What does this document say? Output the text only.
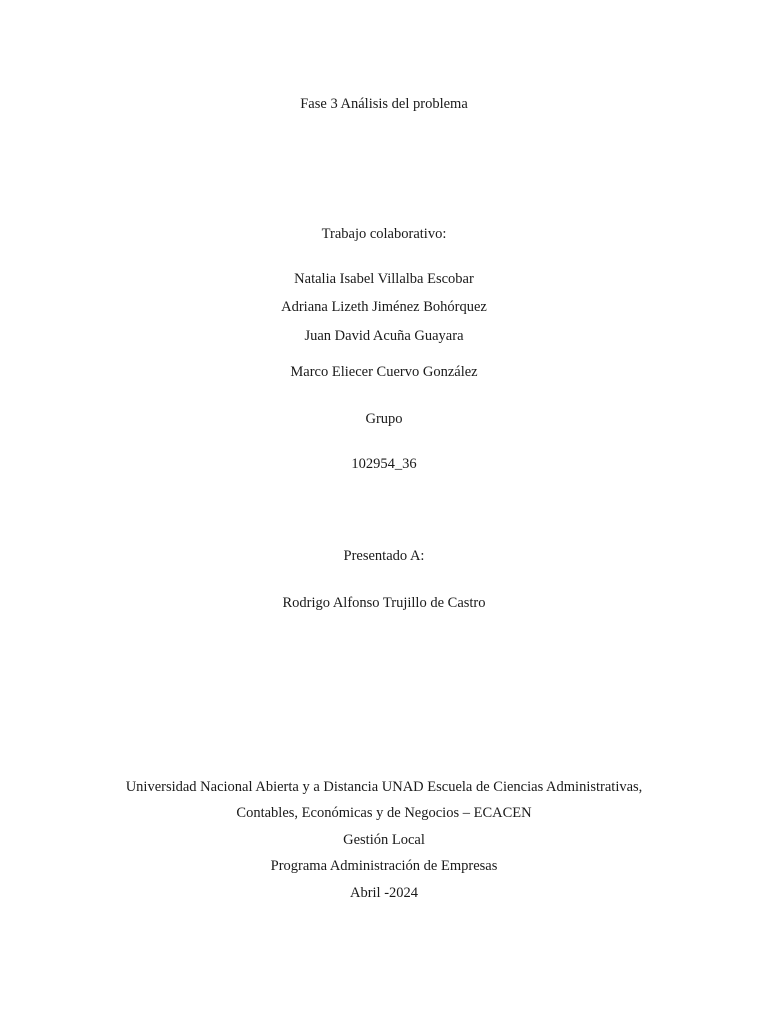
Fase 3 Análisis del problema
Trabajo colaborativo:
Natalia Isabel Villalba Escobar
Adriana Lizeth Jiménez Bohórquez
Juan David Acuña Guayara
Marco Eliecer Cuervo González
Grupo
102954_36
Presentado A:
Rodrigo Alfonso Trujillo de Castro
Universidad Nacional Abierta y a Distancia UNAD Escuela de Ciencias Administrativas,
Contables, Económicas y de Negocios – ECACEN
Gestión Local
Programa Administración de Empresas
Abril -2024
